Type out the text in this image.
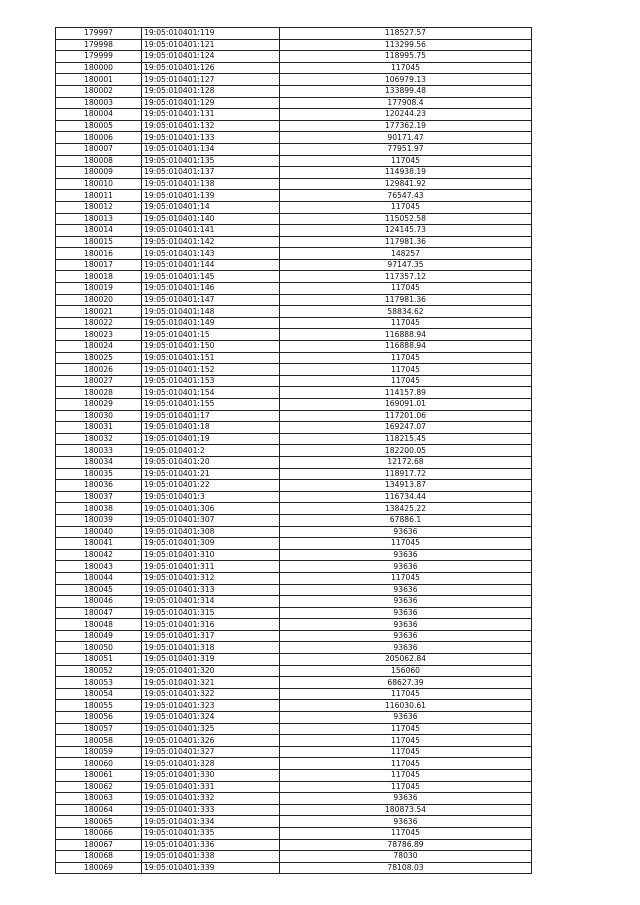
179997	19:05:010401:119	118527.57
179998	19:05:010401:121	113299.56
179999	19:05:010401:124	118995.75
180000	19:05:010401:126	117045
180001	19:05:010401:127	106979.13
180002	19:05:010401:128	133899.48
180003	19:05:010401:129	177908.4
180004	19:05:010401:131	120244.23
180005	19:05:010401:132	177362.19
180006	19:05:010401:133	90171.47
180007	19:05:010401:134	77951.97
180008	19:05:010401:135	117045
180009	19:05:010401:137	114938.19
180010	19:05:010401:138	129841.92
180011	19:05:010401:139	76547.43
180012	19:05:010401:14	117045
180013	19:05:010401:140	115052.58
180014	19:05:010401:141	124145.73
180015	19:05:010401:142	117981.36
180016	19:05:010401:143	148257
180017	19:05:010401:144	97147.35
180018	19:05:010401:145	117357.12
180019	19:05:010401:146	117045
180020	19:05:010401:147	117981.36
180021	19:05:010401:148	58834.62
180022	19:05:010401:149	117045
180023	19:05:010401:15	116888.94
180024	19:05:010401:150	116888.94
180025	19:05:010401:151	117045
180026	19:05:010401:152	117045
180027	19:05:010401:153	117045
180028	19:05:010401:154	114157.89
180029	19:05:010401:155	169091.01
180030	19:05:010401:17	117201.06
180031	19:05:010401:18	169247.07
180032	19:05:010401:19	118215.45
180033	19:05:010401:2	182200.05
180034	19:05:010401:20	12172.68
180035	19:05:010401:21	118917.72
180036	19:05:010401:22	134913.87
180037	19:05:010401:3	116734.44
180038	19:05:010401:306	138425.22
180039	19:05:010401:307	67886.1
180040	19:05:010401:308	93636
180041	19:05:010401:309	117045
180042	19:05:010401:310	93636
180043	19:05:010401:311	93636
180044	19:05:010401:312	117045
180045	19:05:010401:313	93636
180046	19:05:010401:314	93636
180047	19:05:010401:315	93636
180048	19:05:010401:316	93636
180049	19:05:010401:317	93636
180050	19:05:010401:318	93636
180051	19:05:010401:319	205062.84
180052	19:05:010401:320	156060
180053	19:05:010401:321	68627.39
180054	19:05:010401:322	117045
180055	19:05:010401:323	116030.61
180056	19:05:010401:324	93636
180057	19:05:010401:325	117045
180058	19:05:010401:326	117045
180059	19:05:010401:327	117045
180060	19:05:010401:328	117045
180061	19:05:010401:330	117045
180062	19:05:010401:331	117045
180063	19:05:010401:332	93636
180064	19:05:010401:333	180873.54
180065	19:05:010401:334	93636
180066	19:05:010401:335	117045
180067	19:05:010401:336	78786.89
180068	19:05:010401:338	78030
180069	19:05:010401:339	78108.03
